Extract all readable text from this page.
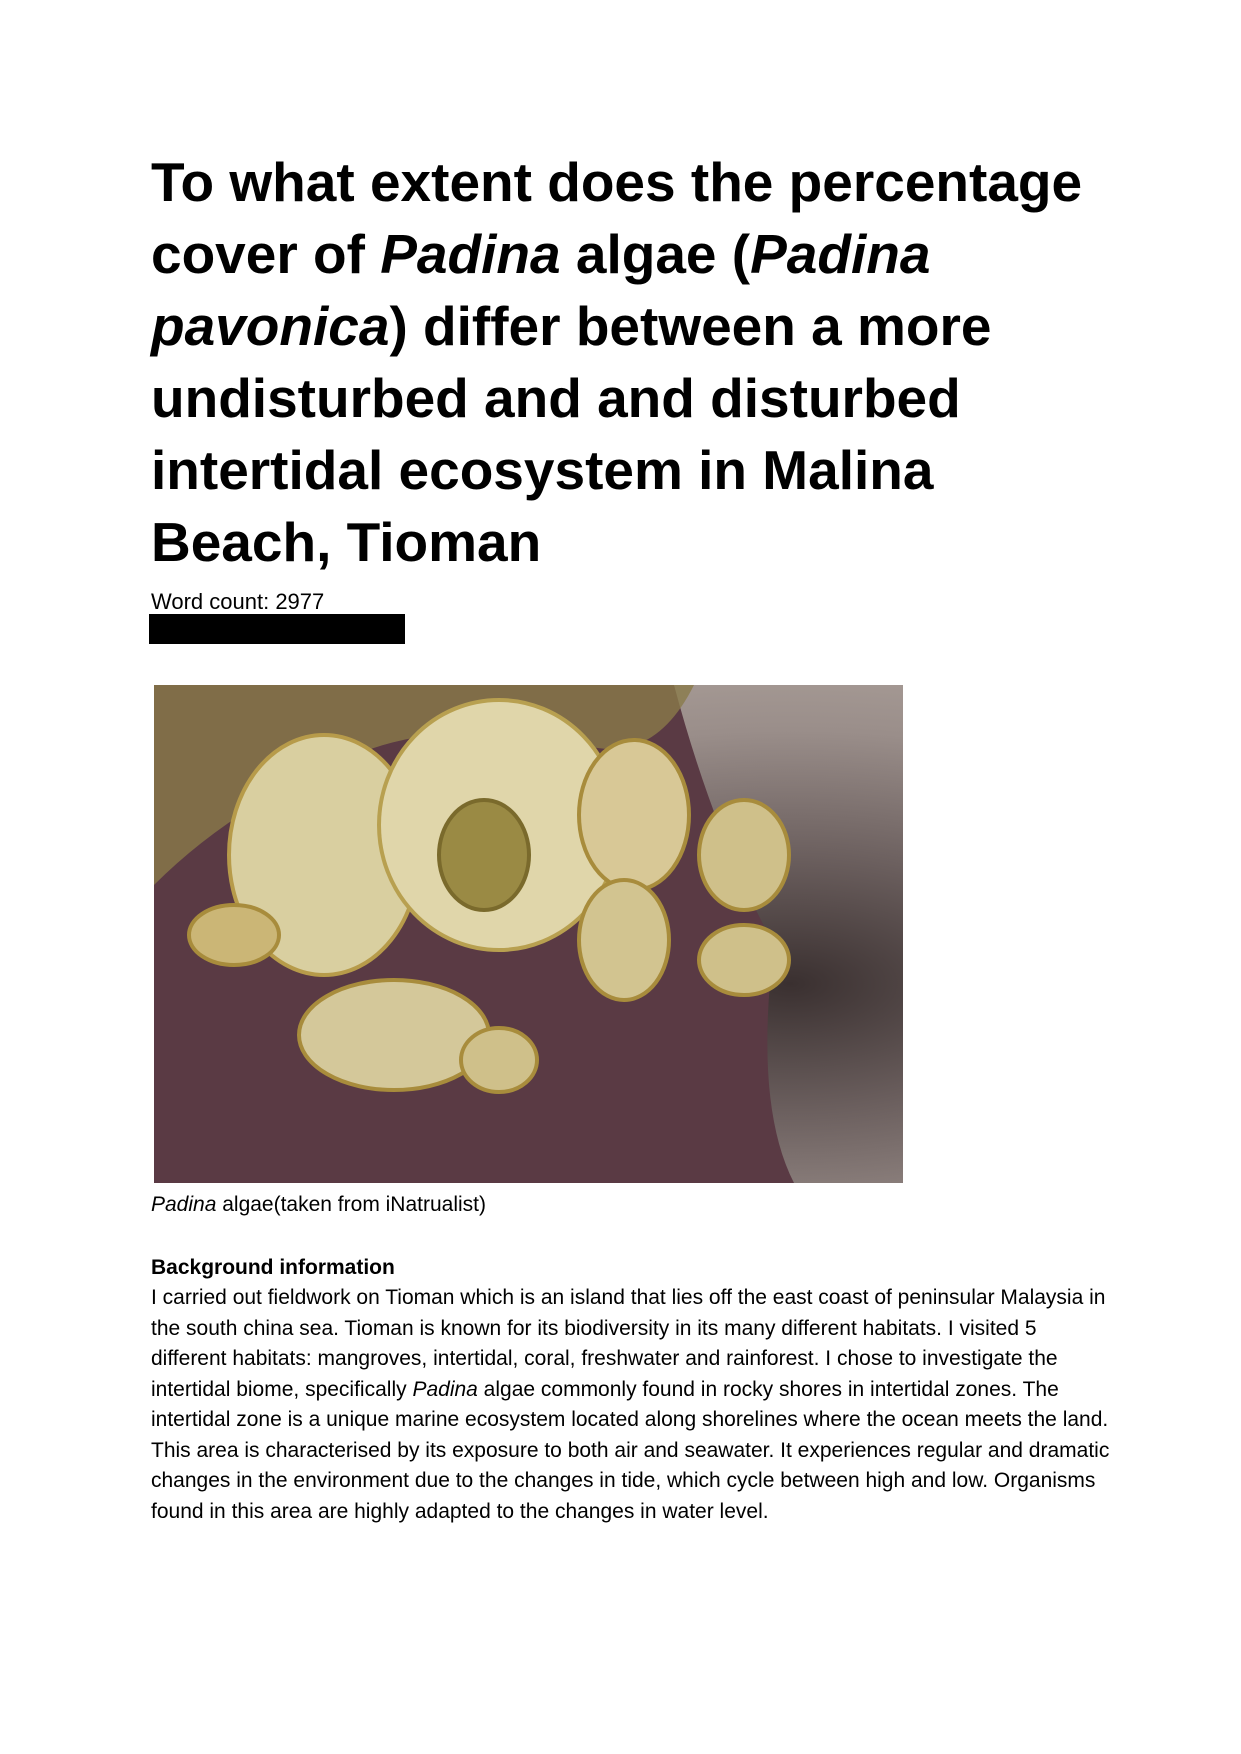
To what extent does the percentage cover of Padina algae (Padina pavonica) differ between a more undisturbed and and disturbed intertidal ecosystem in Malina Beach, Tioman
Word count: 2977
Padina algae(taken from iNatrualist)
Background information

I carried out fieldwork on Tioman which is an island that lies off the east coast of peninsular Malaysia in the south china sea. Tioman is known for its biodiversity in its many different habitats. I visited 5 different habitats: mangroves, intertidal, coral, freshwater and rainforest. I chose to investigate the intertidal biome, specifically Padina algae commonly found in rocky shores in intertidal zones. The intertidal zone is a unique marine ecosystem located along shorelines where the ocean meets the land. This area is characterised by its exposure to both air and seawater. It experiences regular and dramatic changes in the environment due to the changes in tide, which cycle between high and low. Organisms found in this area are highly adapted to the changes in water level.
